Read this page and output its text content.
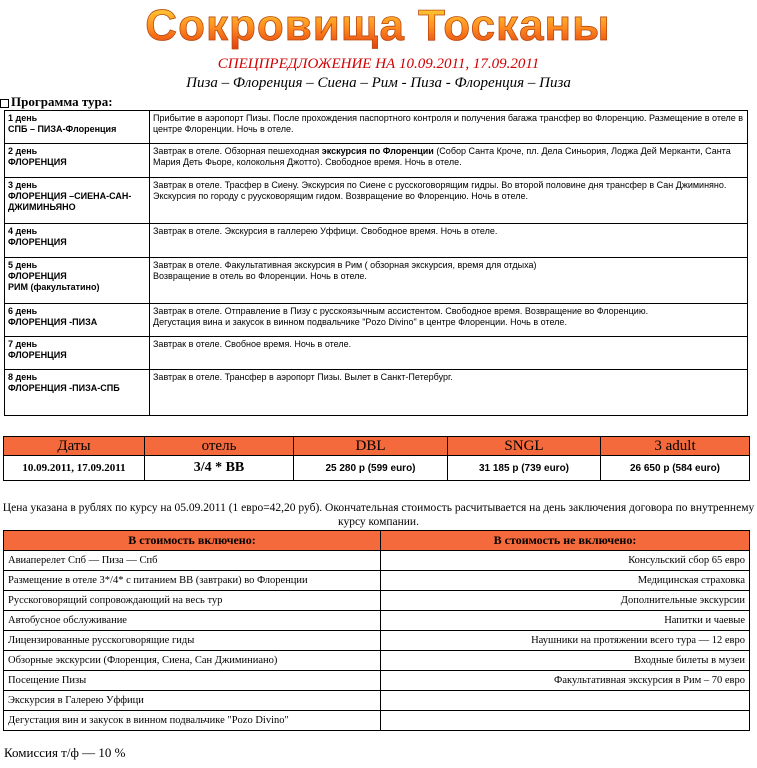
Сокровища Тосканы
СПЕЦПРЕДЛОЖЕНИЕ НА 10.09.2011, 17.09.2011
Пиза – Флоренция – Сиена – Рим - Пиза - Флоренция – Пиза
Программа тура:
1 день
СПБ – ПИЗА-Флоренция	Прибытие в аэропорт Пизы. После прохождения паспортного контроля и получения багажа трансфер во Флоренцию. Размещение в отеле в центре Флоренции. Ночь в отеле.
2 день
ФЛОРЕНЦИЯ	Завтрак в отеле. Обзорная пешеходная экскурсия по Флоренции (Собор Санта Кроче, пл. Дела Синьория, Лоджа Дей Мерканти, Санта Мария Деть Фьоре, колокольня Джотто). Свободное время. Ночь в отеле.
3 день
ФЛОРЕНЦИЯ –СИЕНА-САН-ДЖИМИНЬЯНО	Завтрак в отеле. Трасфер в Сиену. Экскурсия по Сиене с русскоговорящим гидры. Во второй половине дня трансфер в Сан Джиминяно. Экскурсия по городу с руусковорящим гидом. Возвращение во Флоренцию. Ночь в отеле.
4 день
ФЛОРЕНЦИЯ	Завтрак в отеле. Экскурсия в галлерею Уффици. Свободное время. Ночь в отеле.
5 день
ФЛОРЕНЦИЯ
РИМ (факультатино)	Завтрак в отеле. Факультативная экскурсия в Рим ( обзорная экскурсия, время для отдыха)
Возвращение в отель во Флоренции. Ночь в отеле.
6 день
ФЛОРЕНЦИЯ -ПИЗА	Завтрак в отеле. Отправление в Пизу с русскоязычным ассистентом. Свободное время. Возвращение во Флоренцию.
Дегустация вина и закусок в винном подвальчике "Pozo Divino" в центре Флоренции. Ночь в отеле.
7 день
ФЛОРЕНЦИЯ	Завтрак в отеле. Свобное время. Ночь в отеле.
8 день
ФЛОРЕНЦИЯ -ПИЗА-СПБ	Завтрак в отеле. Трансфер в аэропорт Пизы. Вылет в Санкт-Петербург.
Даты	отель	DBL	SNGL	3 adult
10.09.2011, 17.09.2011	3/4 * BB	25 280 р (599 euro)	31 185 р (739 euro)	26 650 р (584 euro)
Цена указана в рублях по курсу на 05.09.2011 (1 евро=42,20 руб). Окончательная стоимость расчитывается на день заключения договора по внутреннему курсу компании.
В стоимость включено:	В стоимость не включено:
Авиаперелет Спб — Пиза — Спб	Консульский сбор 65 евро
Размещение в отеле 3*/4* с питанием BB (завтраки) во Флоренции	Медицинская страховка
Русскоговорящий сопровождающий на весь тур	Дополнительные экскурсии
Автобусное обслуживание	Напитки и чаевые
Лицензированные русскоговорящие гиды	Наушники на протяжении всего тура — 12 евро
Обзорные экскурсии (Флоренция, Сиена, Сан Джиминиано)	Входные билеты в музеи
Посещение Пизы	Факультативная экскурсия в Рим – 70 евро
Экскурсия в Галерею Уффици	
Дегустация вин и закусок в винном подвальчике "Pozo Divino"	
Комиссия т/ф — 10 %
